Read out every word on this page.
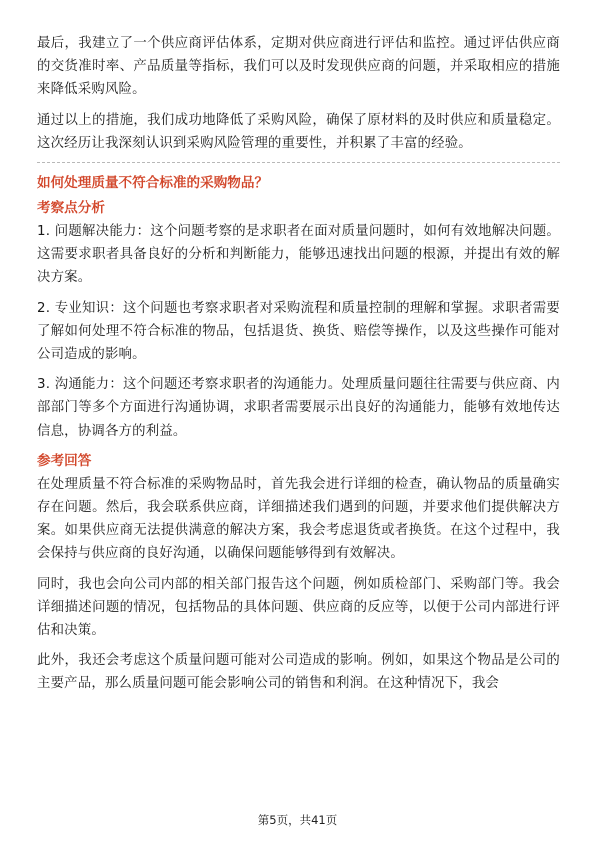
最后，我建立了一个供应商评估体系，定期对供应商进行评估和监控。通过评估供应商的交货准时率、产品质量等指标，我们可以及时发现供应商的问题，并采取相应的措施来降低采购风险。

通过以上的措施，我们成功地降低了采购风险，确保了原材料的及时供应和质量稳定。这次经历让我深刻认识到采购风险管理的重要性，并积累了丰富的经验。

如何处理质量不符合标准的采购物品？
考察点分析

1. 问题解决能力：这个问题考察的是求职者在面对质量问题时，如何有效地解决问题。这需要求职者具备良好的分析和判断能力，能够迅速找出问题的根源，并提出有效的解决方案。

2. 专业知识：这个问题也考察求职者对采购流程和质量控制的理解和掌握。求职者需要了解如何处理不符合标准的物品，包括退货、换货、赔偿等操作，以及这些操作可能对公司造成的影响。

3. 沟通能力：这个问题还考察求职者的沟通能力。处理质量问题往往需要与供应商、内部部门等多个方面进行沟通协调，求职者需要展示出良好的沟通能力，能够有效地传达信息，协调各方的利益。

参考回答

在处理质量不符合标准的采购物品时，首先我会进行详细的检查，确认物品的质量确实存在问题。然后，我会联系供应商，详细描述我们遇到的问题，并要求他们提供解决方案。如果供应商无法提供满意的解决方案，我会考虑退货或者换货。在这个过程中，我会保持与供应商的良好沟通，以确保问题能够得到有效解决。

同时，我也会向公司内部的相关部门报告这个问题，例如质检部门、采购部门等。我会详细描述问题的情况，包括物品的具体问题、供应商的反应等，以便于公司内部进行评估和决策。

此外，我还会考虑这个质量问题可能对公司造成的影响。例如，如果这个物品是公司的主要产品，那么质量问题可能会影响公司的销售和利润。在这种情况下，我会

第5页，共41页
